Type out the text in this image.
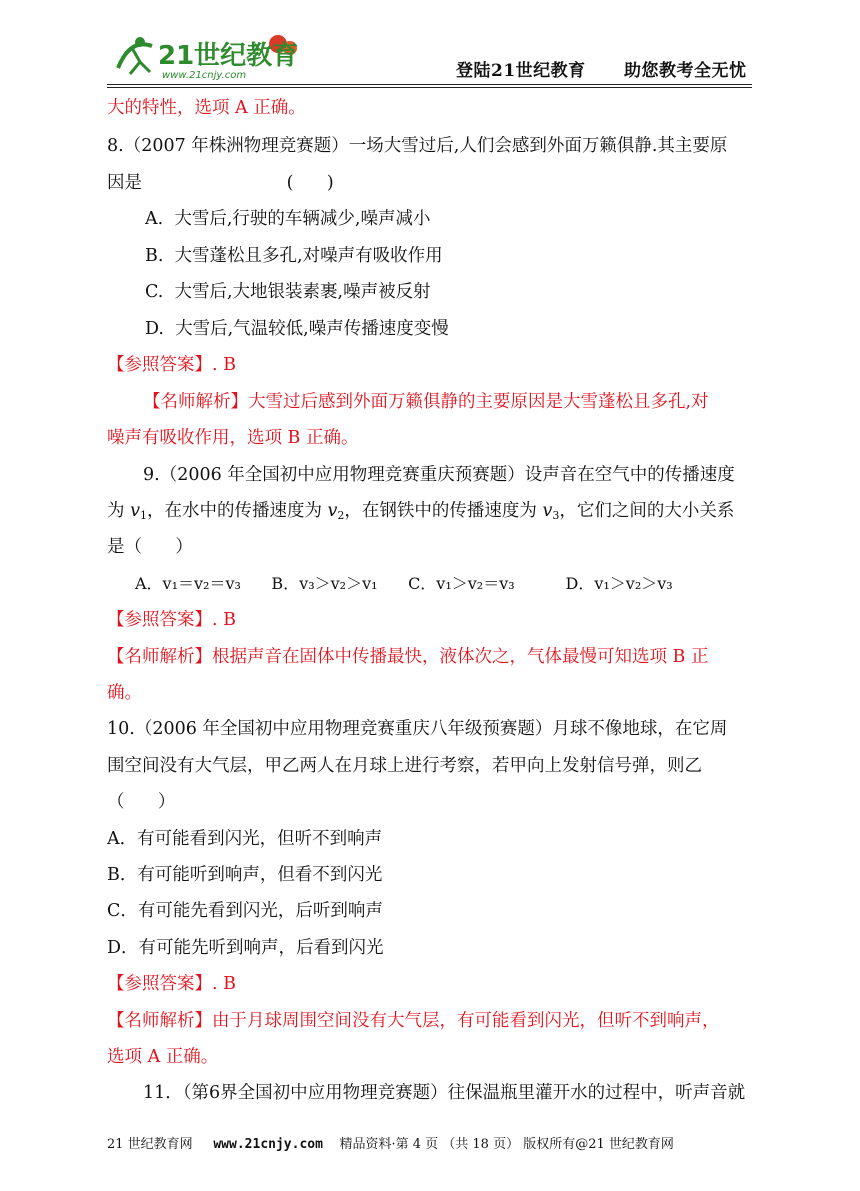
21世纪教育
www.21cnjy.com	登陆21世纪教育 助您教考全无忧
大的特性，选项 A 正确。
8.（2007 年株洲物理竞赛题）一场大雪过后,人们会感到外面万籁俱静.其主要原
因是                          (      )
A.  大雪后,行驶的车辆减少,噪声减小
B.  大雪蓬松且多孔,对噪声有吸收作用
C.  大雪后,大地银装素裹,噪声被反射
D.  大雪后,气温较低,噪声传播速度变慢
【参照答案】. B
【名师解析】大雪过后感到外面万籁俱静的主要原因是大雪蓬松且多孔,对
噪声有吸收作用，选项 B 正确。
9.（2006 年全国初中应用物理竞赛重庆预赛题）设声音在空气中的传播速度
为 $v_1$，在水中的传播速度为 $v_2$，在钢铁中的传播速度为 $v_3$，它们之间的大小关系
是（      ）
A．v₁＝v₂＝v₃      B．v₃＞v₂＞v₁      C．v₁＞v₂＝v₃          D．v₁＞v₂＞v₃
【参照答案】. B
【名师解析】根据声音在固体中传播最快，液体次之，气体最慢可知选项 B 正
确。
10.（2006 年全国初中应用物理竞赛重庆八年级预赛题）月球不像地球，在它周
围空间没有大气层，甲乙两人在月球上进行考察，若甲向上发射信号弹，则乙
（      ）
A．有可能看到闪光，但听不到响声
B．有可能听到响声，但看不到闪光
C．有可能先看到闪光，后听到响声
D．有可能先听到响声，后看到闪光
【参照答案】. B
【名师解析】由于月球周围空间没有大气层，有可能看到闪光，但听不到响声，
选项 A 正确。
11．（第6界全国初中应用物理竞赛题）往保温瓶里灌开水的过程中，听声音就
21 世纪教育网 www.21cnjy.com 精品资料·第 4 页 （共 18 页） 版权所有@21 世纪教育网
